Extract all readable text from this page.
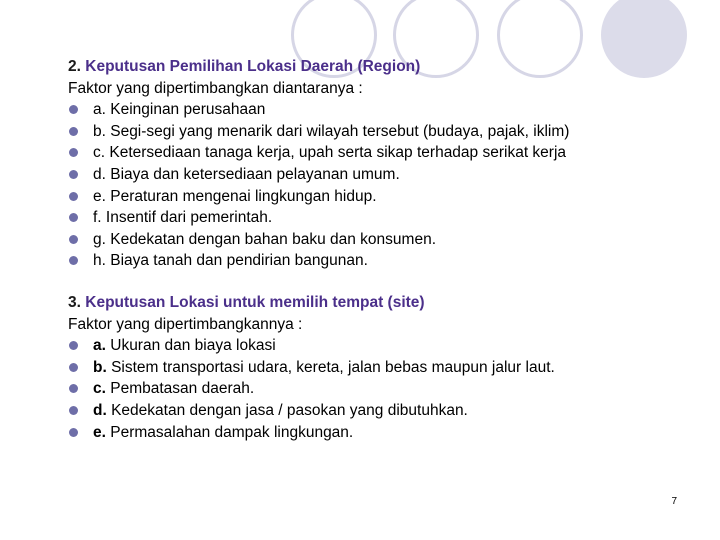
2. Keputusan Pemilihan Lokasi Daerah (Region)
Faktor yang dipertimbangkan diantaranya :
a. Keinginan perusahaan
b. Segi-segi yang menarik dari wilayah tersebut (budaya, pajak, iklim)
c. Ketersediaan tanaga kerja, upah serta sikap terhadap serikat kerja
d. Biaya dan ketersediaan pelayanan umum.
e. Peraturan mengenai lingkungan hidup.
f. Insentif dari pemerintah.
g. Kedekatan dengan bahan baku dan konsumen.
h. Biaya tanah dan pendirian bangunan.
3. Keputusan Lokasi untuk memilih tempat (site)
Faktor yang dipertimbangkannya :
a. Ukuran dan biaya lokasi
b. Sistem transportasi udara, kereta, jalan bebas maupun jalur laut.
c. Pembatasan daerah.
d. Kedekatan dengan jasa / pasokan yang dibutuhkan.
e. Permasalahan dampak lingkungan.
7
